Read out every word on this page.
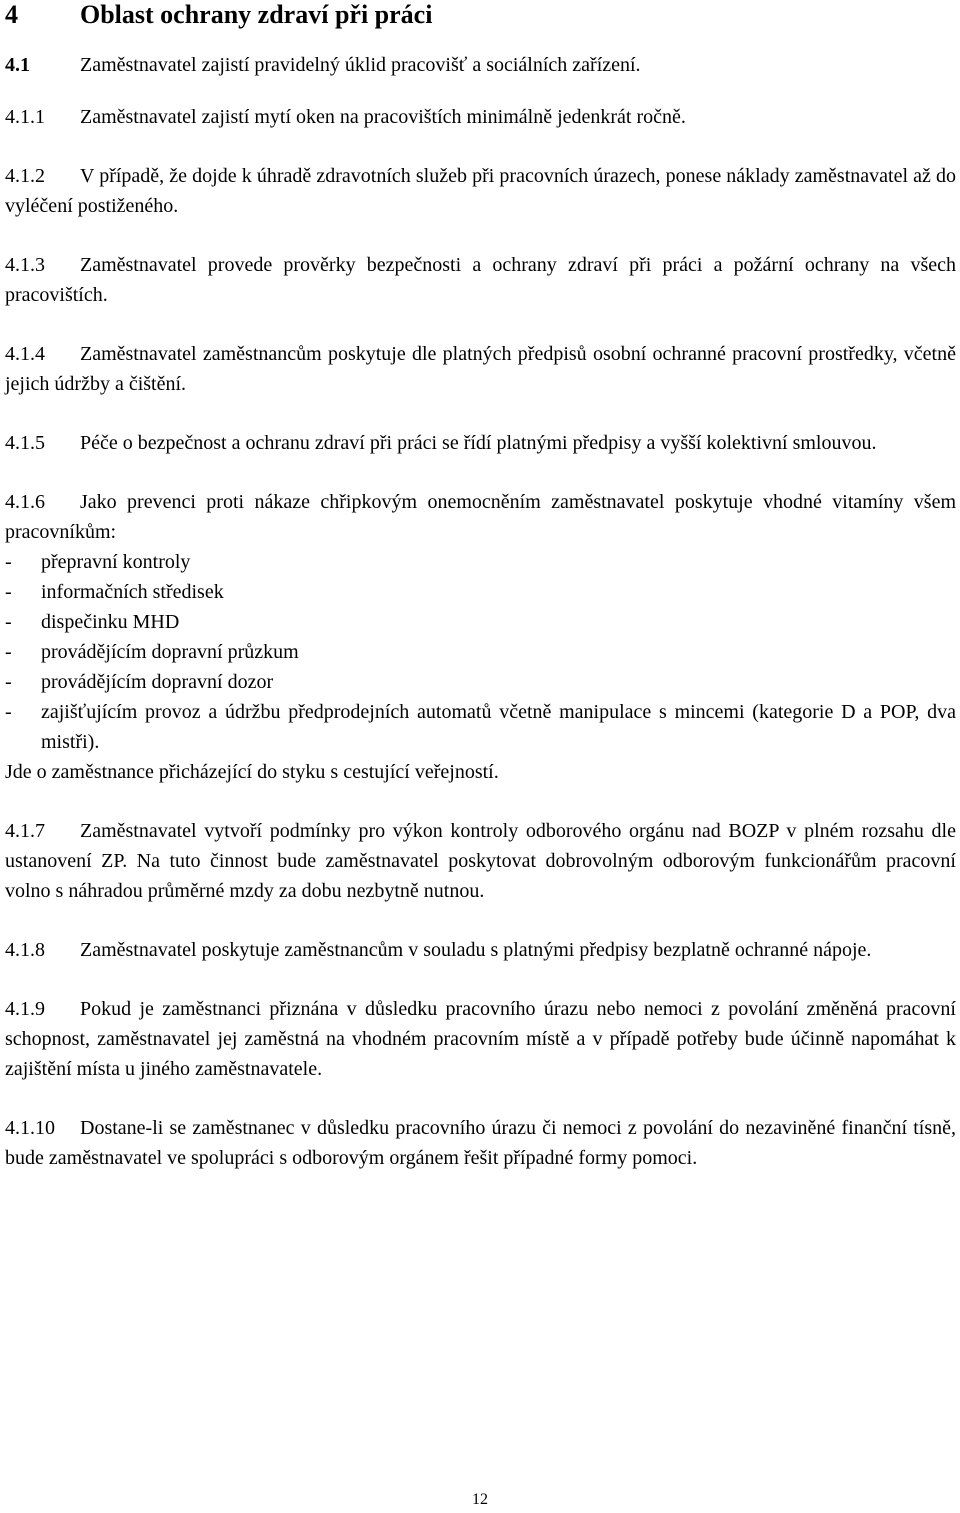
4	Oblast ochrany zdraví při práci
4.1	Zaměstnavatel zajistí pravidelný úklid pracovišť a sociálních zařízení.
4.1.1 Zaměstnavatel zajistí mytí oken na pracovištích minimálně jedenkrát ročně.
4.1.2 V případě, že dojde k úhradě zdravotních služeb při pracovních úrazech, ponese náklady zaměstnavatel až do vyléčení postiženého.
4.1.3 Zaměstnavatel provede prověrky bezpečnosti a ochrany zdraví při práci a požární ochrany na všech pracovištích.
4.1.4 Zaměstnavatel zaměstnancům poskytuje dle platných předpisů osobní ochranné pracovní prostředky, včetně jejich údržby a čištění.
4.1.5 Péče o bezpečnost a ochranu zdraví při práci se řídí platnými předpisy a vyšší kolektivní smlouvou.
4.1.6 Jako prevenci proti nákaze chřipkovým onemocněním zaměstnavatel poskytuje vhodné vitamíny všem pracovníkům:
- přepravní kontroly
- informačních středisek
- dispečinku MHD
- provádějícím dopravní průzkum
- provádějícím dopravní dozor
- zajišťujícím provoz a údržbu předprodejních automatů včetně manipulace s mincemi (kategorie D a POP, dva mistři).
Jde o zaměstnance přicházející do styku s cestující veřejností.
4.1.7 Zaměstnavatel vytvoří podmínky pro výkon kontroly odborového orgánu nad BOZP v plném rozsahu dle ustanovení ZP. Na tuto činnost bude zaměstnavatel poskytovat dobrovolným odborovým funkcionářům pracovní volno s náhradou průměrné mzdy za dobu nezbytně nutnou.
4.1.8 Zaměstnavatel poskytuje zaměstnancům v souladu s platnými předpisy bezplatně ochranné nápoje.
4.1.9 Pokud je zaměstnanci přiznána v důsledku pracovního úrazu nebo nemoci z povolání změněná pracovní schopnost, zaměstnavatel jej zaměstná na vhodném pracovním místě a v případě potřeby bude účinně napomáhat k zajištění místa u jiného zaměstnavatele.
4.1.10 Dostane-li se zaměstnanec v důsledku pracovního úrazu či nemoci z povolání do nezaviněné finanční tísně, bude zaměstnavatel ve spolupráci s odborovým orgánem řešit případné formy pomoci.
12
